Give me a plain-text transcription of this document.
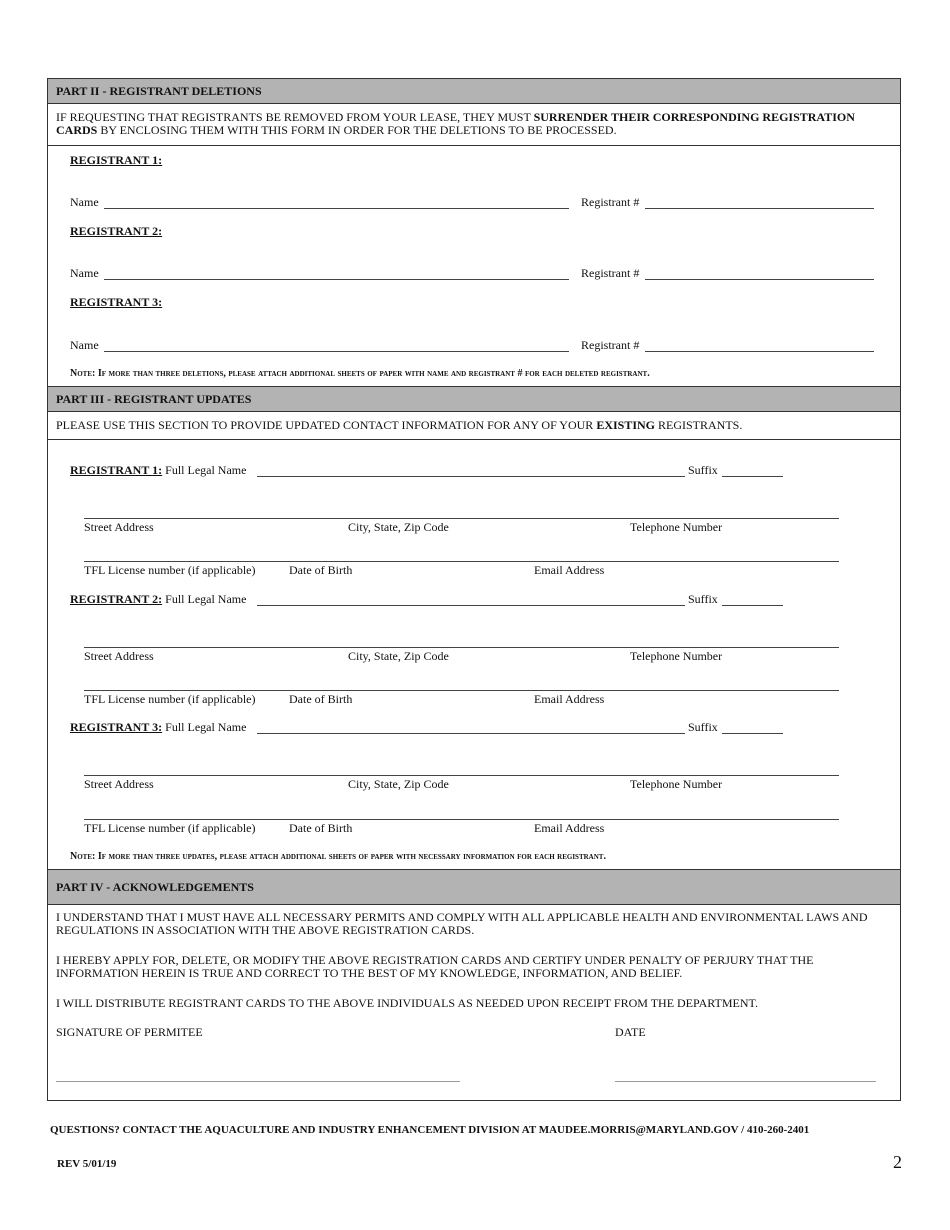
PART II - REGISTRANT DELETIONS
IF REQUESTING THAT REGISTRANTS BE REMOVED FROM YOUR LEASE, THEY MUST SURRENDER THEIR CORRESPONDING REGISTRATION CARDS BY ENCLOSING THEM WITH THIS FORM IN ORDER FOR THE DELETIONS TO BE PROCESSED.
REGISTRANT 1:
Name	Registrant #
REGISTRANT 2:
Name	Registrant #
REGISTRANT 3:
Name	Registrant #
Note: If more than three deletions, please attach additional sheets of paper with name and registrant # for each deleted registrant.
PART III - REGISTRANT UPDATES
PLEASE USE THIS SECTION TO PROVIDE UPDATED CONTACT INFORMATION FOR ANY OF YOUR EXISTING REGISTRANTS.
REGISTRANT 1: Full Legal Name	Suffix
Street Address	City, State, Zip Code	Telephone Number
TFL License number (if applicable)	Date of Birth	Email Address
REGISTRANT 2: Full Legal Name	Suffix
Street Address	City, State, Zip Code	Telephone Number
TFL License number (if applicable)	Date of Birth	Email Address
REGISTRANT 3: Full Legal Name	Suffix
Street Address	City, State, Zip Code	Telephone Number
TFL License number (if applicable)	Date of Birth	Email Address
Note: If more than three updates, please attach additional sheets of paper with necessary information for each registrant.
PART IV - ACKNOWLEDGEMENTS
I UNDERSTAND THAT I MUST HAVE ALL NECESSARY PERMITS AND COMPLY WITH ALL APPLICABLE HEALTH AND ENVIRONMENTAL LAWS AND REGULATIONS IN ASSOCIATION WITH THE ABOVE REGISTRATION CARDS.
I HEREBY APPLY FOR, DELETE, OR MODIFY THE ABOVE REGISTRATION CARDS AND CERTIFY UNDER PENALTY OF PERJURY THAT THE INFORMATION HEREIN IS TRUE AND CORRECT TO THE BEST OF MY KNOWLEDGE, INFORMATION, AND BELIEF.
I WILL DISTRIBUTE REGISTRANT CARDS TO THE ABOVE INDIVIDUALS AS NEEDED UPON RECEIPT FROM THE DEPARTMENT.
SIGNATURE OF PERMITEE	DATE
QUESTIONS? CONTACT THE AQUACULTURE AND INDUSTRY ENHANCEMENT DIVISION AT MAUDEE.MORRIS@MARYLAND.GOV / 410-260-2401
REV 5/01/19	2
